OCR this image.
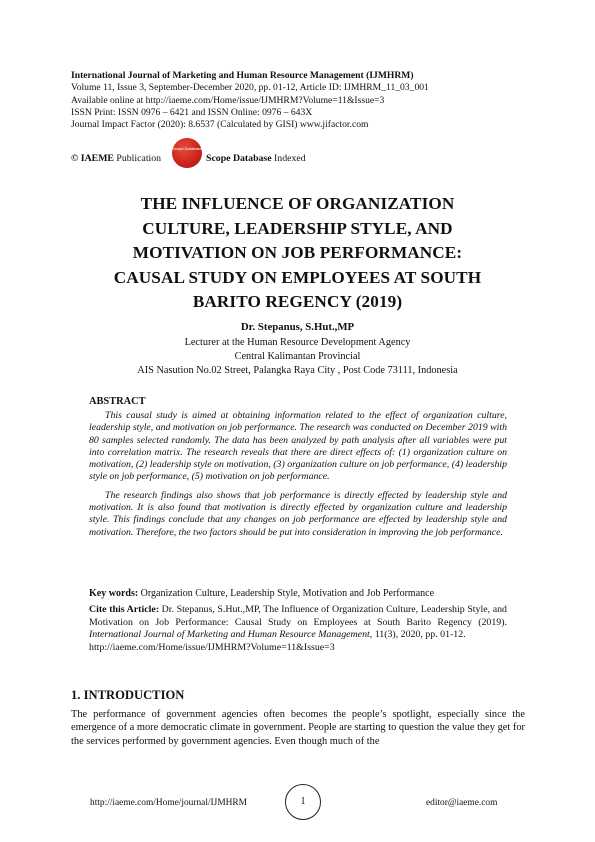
International Journal of Marketing and Human Resource Management (IJMHRM)
Volume 11, Issue 3, September-December 2020, pp. 01-12, Article ID: IJMHRM_11_03_001
Available online at http://iaeme.com/Home/issue/IJMHRM?Volume=11&Issue=3
ISSN Print: ISSN 0976 – 6421 and ISSN Online: 0976 – 643X
Journal Impact Factor (2020): 8.6537 (Calculated by GISI) www.jifactor.com
© IAEME Publication
Scope Database
Scope Database Indexed
THE INFLUENCE OF ORGANIZATION
CULTURE, LEADERSHIP STYLE, AND
MOTIVATION ON JOB PERFORMANCE:
CAUSAL STUDY ON EMPLOYEES AT SOUTH
BARITO REGENCY (2019)
Dr. Stepanus, S.Hut.,MP
Lecturer at the Human Resource Development Agency
Central Kalimantan Provincial
AIS Nasution No.02 Street, Palangka Raya City , Post Code 73111, Indonesia
ABSTRACT

This causal study is aimed at obtaining information related to the effect of organization culture, leadership style, and motivation on job performance. The research was conducted on December 2019 with 80 samples selected randomly. The data has been analyzed by path analysis after all variables were put into correlation matrix. The research reveals that there are direct effects of: (1) organization culture on motivation, (2) leadership style on motivation, (3) organization culture on job performance, (4) leadership style on job performance, (5) motivation on job performance.

The research findings also shows that job performance is directly effected by leadership style and motivation. It is also found that motivation is directly effected by organization culture and leadership style. This findings conclude that any changes on job performance are effected by leadership style and motivation. Therefore, the two factors should be put into consideration in improving the job performance.

Key words: Organization Culture, Leadership Style, Motivation and Job Performance
Cite this Article: Dr. Stepanus, S.Hut.,MP, The Influence of Organization Culture, Leadership Style, and Motivation on Job Performance: Causal Study on Employees at South Barito Regency (2019). International Journal of Marketing and Human Resource Management, 11(3), 2020, pp. 01-12.
http://iaeme.com/Home/issue/IJMHRM?Volume=11&Issue=3
1. INTRODUCTION
The performance of government agencies often becomes the people’s spotlight, especially since the emergence of a more democratic climate in government. People are starting to question the value they get for the services performed by government agencies. Even though much of the
http://iaeme.com/Home/journal/IJMHRM	1	editor@iaeme.com
